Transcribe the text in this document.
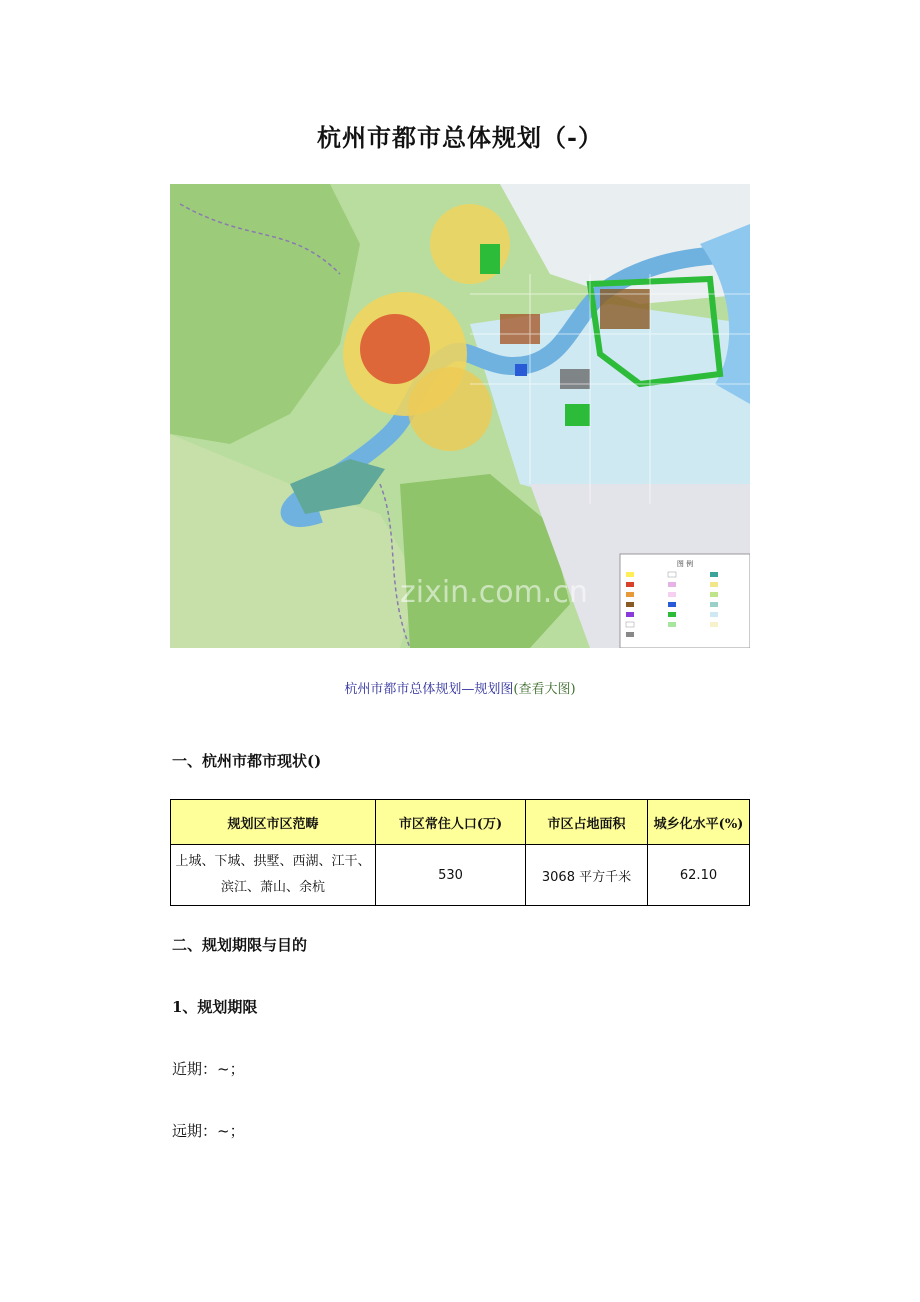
杭州市都市总体规划（-）
图 例
zixin.com.cn
杭州市都市总体规划—规划图(查看大图)
一、杭州市都市现状()
规划区市区范畴	市区常住人口(万)	市区占地面积	城乡化水平(%)
上城、下城、拱墅、西湖、江干、滨江、萧山、余杭	530	3068 平方千米	62.10
二、规划期限与目的
1、规划期限
近期：~；
远期：~；
